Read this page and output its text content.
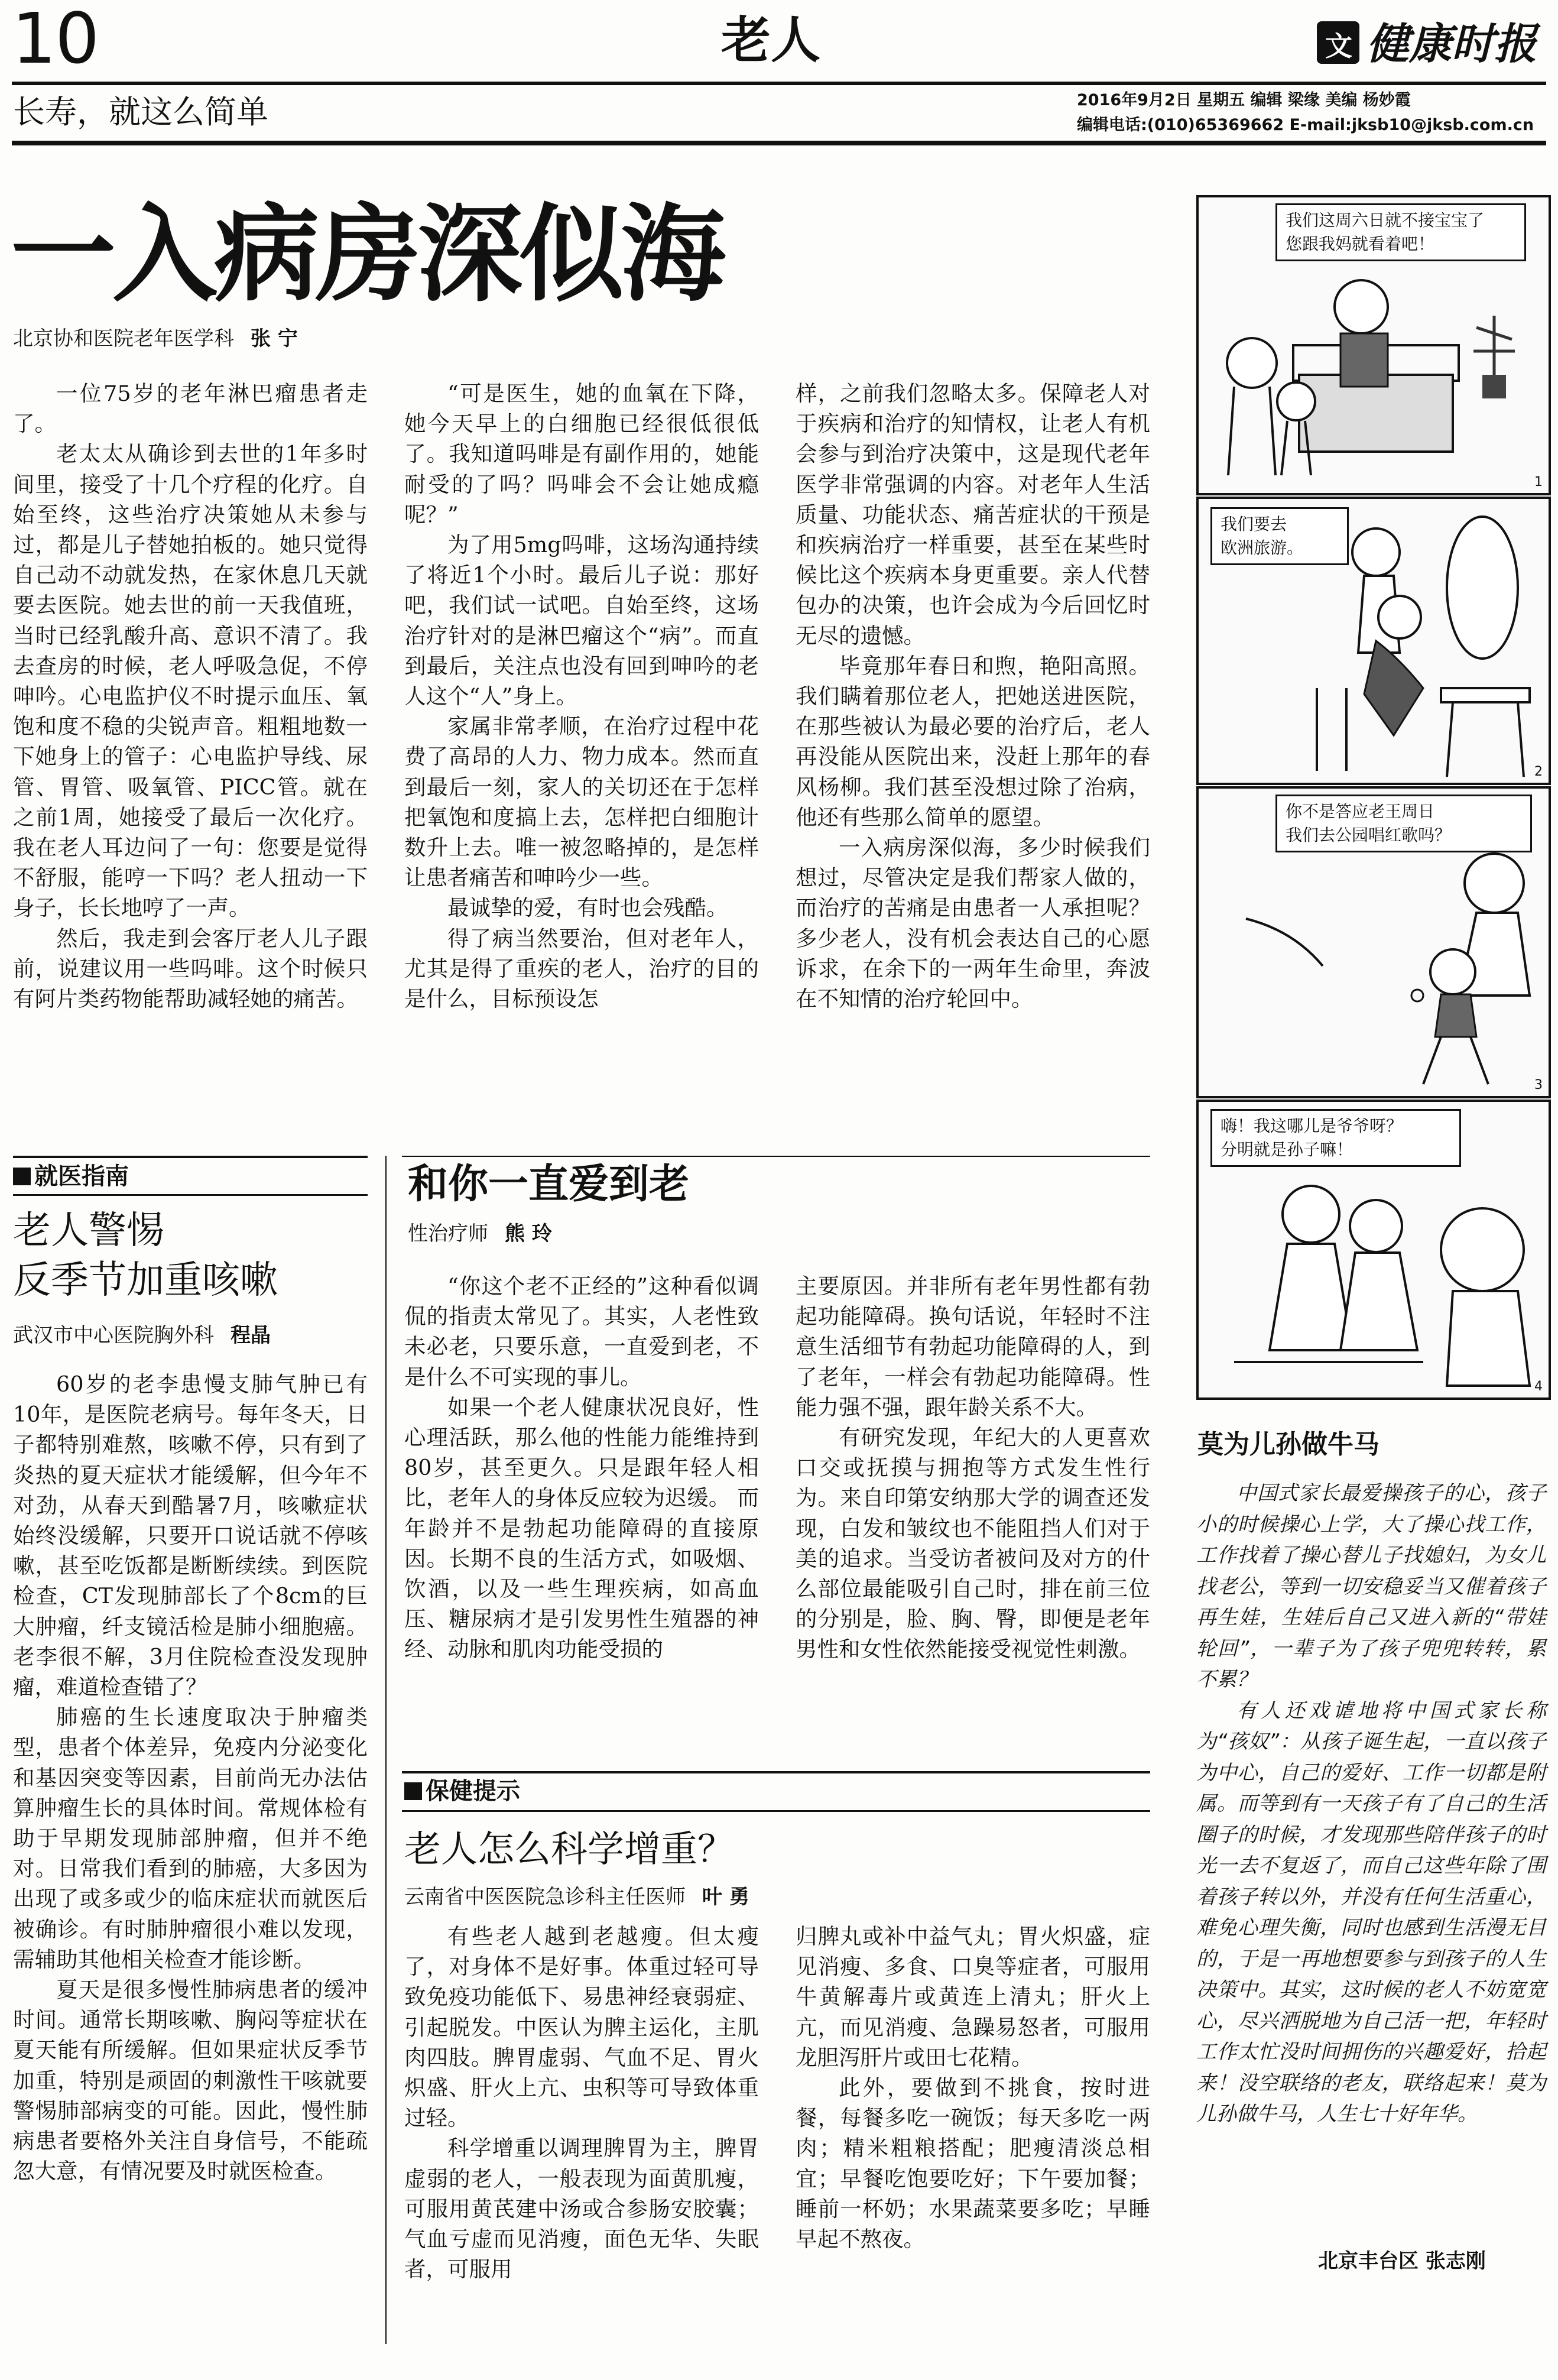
10	老人	文 健康时报
长寿，就这么简单	2016年9月2日 星期五 编辑 梁缘 美编 杨妙霞
编辑电话:(010)65369662 E-mail:jksb10@jksb.com.cn
一入病房深似海
北京协和医院老年医学科 张 宁

一位75岁的老年淋巴瘤患者走了。

老太太从确诊到去世的1年多时间里，接受了十几个疗程的化疗。自始至终，这些治疗决策她从未参与过，都是儿子替她拍板的。她只觉得自己动不动就发热，在家休息几天就要去医院。她去世的前一天我值班，当时已经乳酸升高、意识不清了。我去查房的时候，老人呼吸急促，不停呻吟。心电监护仪不时提示血压、氧饱和度不稳的尖锐声音。粗粗地数一下她身上的管子：心电监护导线、尿管、胃管、吸氧管、PICC管。就在之前1周，她接受了最后一次化疗。 我在老人耳边问了一句：您要是觉得不舒服，能哼一下吗？老人扭动一下身子，长长地哼了一声。

然后，我走到会客厅老人儿子跟前，说建议用一些吗啡。这个时候只有阿片类药物能帮助减轻她的痛苦。

“可是医生，她的血氧在下降，她今天早上的白细胞已经很低很低了。我知道吗啡是有副作用的，她能耐受的了吗？吗啡会不会让她成瘾呢？”

为了用5mg吗啡，这场沟通持续了将近1个小时。最后儿子说：那好吧，我们试一试吧。自始至终，这场治疗针对的是淋巴瘤这个“病”。而直到最后，关注点也没有回到呻吟的老人这个“人”身上。

家属非常孝顺，在治疗过程中花费了高昂的人力、物力成本。然而直到最后一刻，家人的关切还在于怎样把氧饱和度搞上去，怎样把白细胞计数升上去。唯一被忽略掉的，是怎样让患者痛苦和呻吟少一些。

最诚挚的爱，有时也会残酷。

得了病当然要治，但对老年人，尤其是得了重疾的老人，治疗的目的是什么，目标预设怎

样，之前我们忽略太多。保障老人对于疾病和治疗的知情权，让老人有机会参与到治疗决策中，这是现代老年医学非常强调的内容。对老年人生活质量、功能状态、痛苦症状的干预是和疾病治疗一样重要，甚至在某些时候比这个疾病本身更重要。亲人代替包办的决策，也许会成为今后回忆时无尽的遗憾。

毕竟那年春日和煦，艳阳高照。我们瞒着那位老人，把她送进医院，在那些被认为最必要的治疗后，老人再没能从医院出来，没赶上那年的春风杨柳。我们甚至没想过除了治病，他还有些那么简单的愿望。

一入病房深似海，多少时候我们想过，尽管决定是我们帮家人做的，而治疗的苦痛是由患者一人承担呢？多少老人，没有机会表达自己的心愿诉求，在余下的一两年生命里，奔波在不知情的治疗轮回中。

就医指南
老人警惕
反季节加重咳嗽
武汉市中心医院胸外科 程晶

60岁的老李患慢支肺气肿已有10年，是医院老病号。每年冬天，日子都特别难熬，咳嗽不停，只有到了炎热的夏天症状才能缓解，但今年不对劲，从春天到酷暑7月，咳嗽症状始终没缓解，只要开口说话就不停咳嗽，甚至吃饭都是断断续续。到医院检查，CT发现肺部长了个8cm的巨大肿瘤，纤支镜活检是肺小细胞癌。老李很不解，3月住院检查没发现肿瘤，难道检查错了？

肺癌的生长速度取决于肿瘤类型，患者个体差异，免疫内分泌变化和基因突变等因素，目前尚无办法估算肿瘤生长的具体时间。常规体检有助于早期发现肺部肿瘤，但并不绝对。日常我们看到的肺癌，大多因为出现了或多或少的临床症状而就医后被确诊。有时肺肿瘤很小难以发现，需辅助其他相关检查才能诊断。

夏天是很多慢性肺病患者的缓冲时间。通常长期咳嗽、胸闷等症状在夏天能有所缓解。但如果症状反季节加重，特别是顽固的刺激性干咳就要警惕肺部病变的可能。因此，慢性肺病患者要格外关注自身信号，不能疏忽大意，有情况要及时就医检查。

和你一直爱到老
性治疗师 熊 玲

“你这个老不正经的”这种看似调侃的指责太常见了。其实，人老性致未必老，只要乐意，一直爱到老，不是什么不可实现的事儿。

如果一个老人健康状况良好，性心理活跃，那么他的性能力能维持到80岁，甚至更久。只是跟年轻人相比，老年人的身体反应较为迟缓。 而年龄并不是勃起功能障碍的直接原因。长期不良的生活方式，如吸烟、饮酒，以及一些生理疾病，如高血压、糖尿病才是引发男性生殖器的神经、动脉和肌肉功能受损的

主要原因。并非所有老年男性都有勃起功能障碍。换句话说，年轻时不注意生活细节有勃起功能障碍的人，到了老年，一样会有勃起功能障碍。性能力强不强，跟年龄关系不大。

有研究发现，年纪大的人更喜欢口交或抚摸与拥抱等方式发生性行为。来自印第安纳那大学的调查还发现，白发和皱纹也不能阻挡人们对于美的追求。当受访者被问及对方的什么部位最能吸引自己时，排在前三位的分别是，脸、胸、臀，即便是老年男性和女性依然能接受视觉性刺激。

保健提示
老人怎么科学增重？
云南省中医医院急诊科主任医师 叶 勇

有些老人越到老越瘦。但太瘦了，对身体不是好事。体重过轻可导致免疫功能低下、易患神经衰弱症、引起脱发。中医认为脾主运化，主肌肉四肢。脾胃虚弱、气血不足、胃火炽盛、肝火上亢、虫积等可导致体重过轻。

科学增重以调理脾胃为主，脾胃虚弱的老人，一般表现为面黄肌瘦，可服用黄芪建中汤或合参肠安胶囊；气血亏虚而见消瘦，面色无华、失眠者，可服用

归脾丸或补中益气丸；胃火炽盛，症见消瘦、多食、口臭等症者，可服用牛黄解毒片或黄连上清丸；肝火上亢，而见消瘦、急躁易怒者，可服用龙胆泻肝片或田七花精。

此外，要做到不挑食，按时进餐，每餐多吃一碗饭；每天多吃一两肉；精米粗粮搭配；肥瘦清淡总相宜；早餐吃饱要吃好；下午要加餐；睡前一杯奶；水果蔬菜要多吃；早睡早起不熬夜。

我们这周六日就不接宝宝了
您跟我妈就看着吧！
1
我们要去
欧洲旅游。
2
你不是答应老王周日
我们去公园唱红歌吗？
3
嗨！我这哪儿是爷爷呀？
分明就是孙子嘛！
4
莫为儿孙做牛马

中国式家长最爱操孩子的心，孩子小的时候操心上学，大了操心找工作，工作找着了操心替儿子找媳妇，为女儿找老公，等到一切安稳妥当又催着孩子再生娃，生娃后自己又进入新的“带娃轮回”，一辈子为了孩子兜兜转转，累不累？

有人还戏谑地将中国式家长称为“孩奴”：从孩子诞生起，一直以孩子为中心，自己的爱好、工作一切都是附属。而等到有一天孩子有了自己的生活圈子的时候，才发现那些陪伴孩子的时光一去不复返了，而自己这些年除了围着孩子转以外，并没有任何生活重心，难免心理失衡，同时也感到生活漫无目的，于是一再地想要参与到孩子的人生决策中。其实，这时候的老人不妨宽宽心，尽兴洒脱地为自己活一把，年轻时工作太忙没时间拥伤的兴趣爱好，拾起来！没空联络的老友，联络起来！莫为儿孙做牛马，人生七十好年华。

北京丰台区 张志刚
